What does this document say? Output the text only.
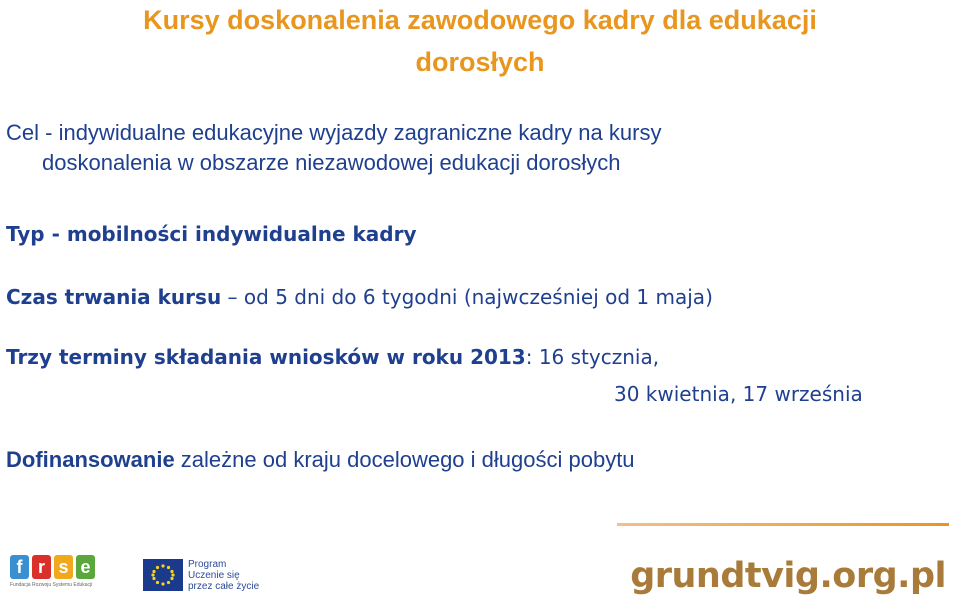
Kursy doskonalenia zawodowego kadry dla edukacji
dorosłych
Cel - indywidualne edukacyjne wyjazdy zagraniczne kadry na kursy
doskonalenia w obszarze niezawodowej edukacji dorosłych
Typ - mobilności indywidualne kadry
Czas trwania kursu – od 5 dni do 6 tygodni (najwcześniej od 1 maja)
Trzy terminy składania wniosków w roku 2013: 16 stycznia,
30 kwietnia, 17 września
Dofinansowanie zależne od kraju docelowego i długości pobytu
f r s e
Fundacja Rozwoju Systemu Edukacji
Program
Uczenie się
przez całe życie	grundtvig.org.pl
